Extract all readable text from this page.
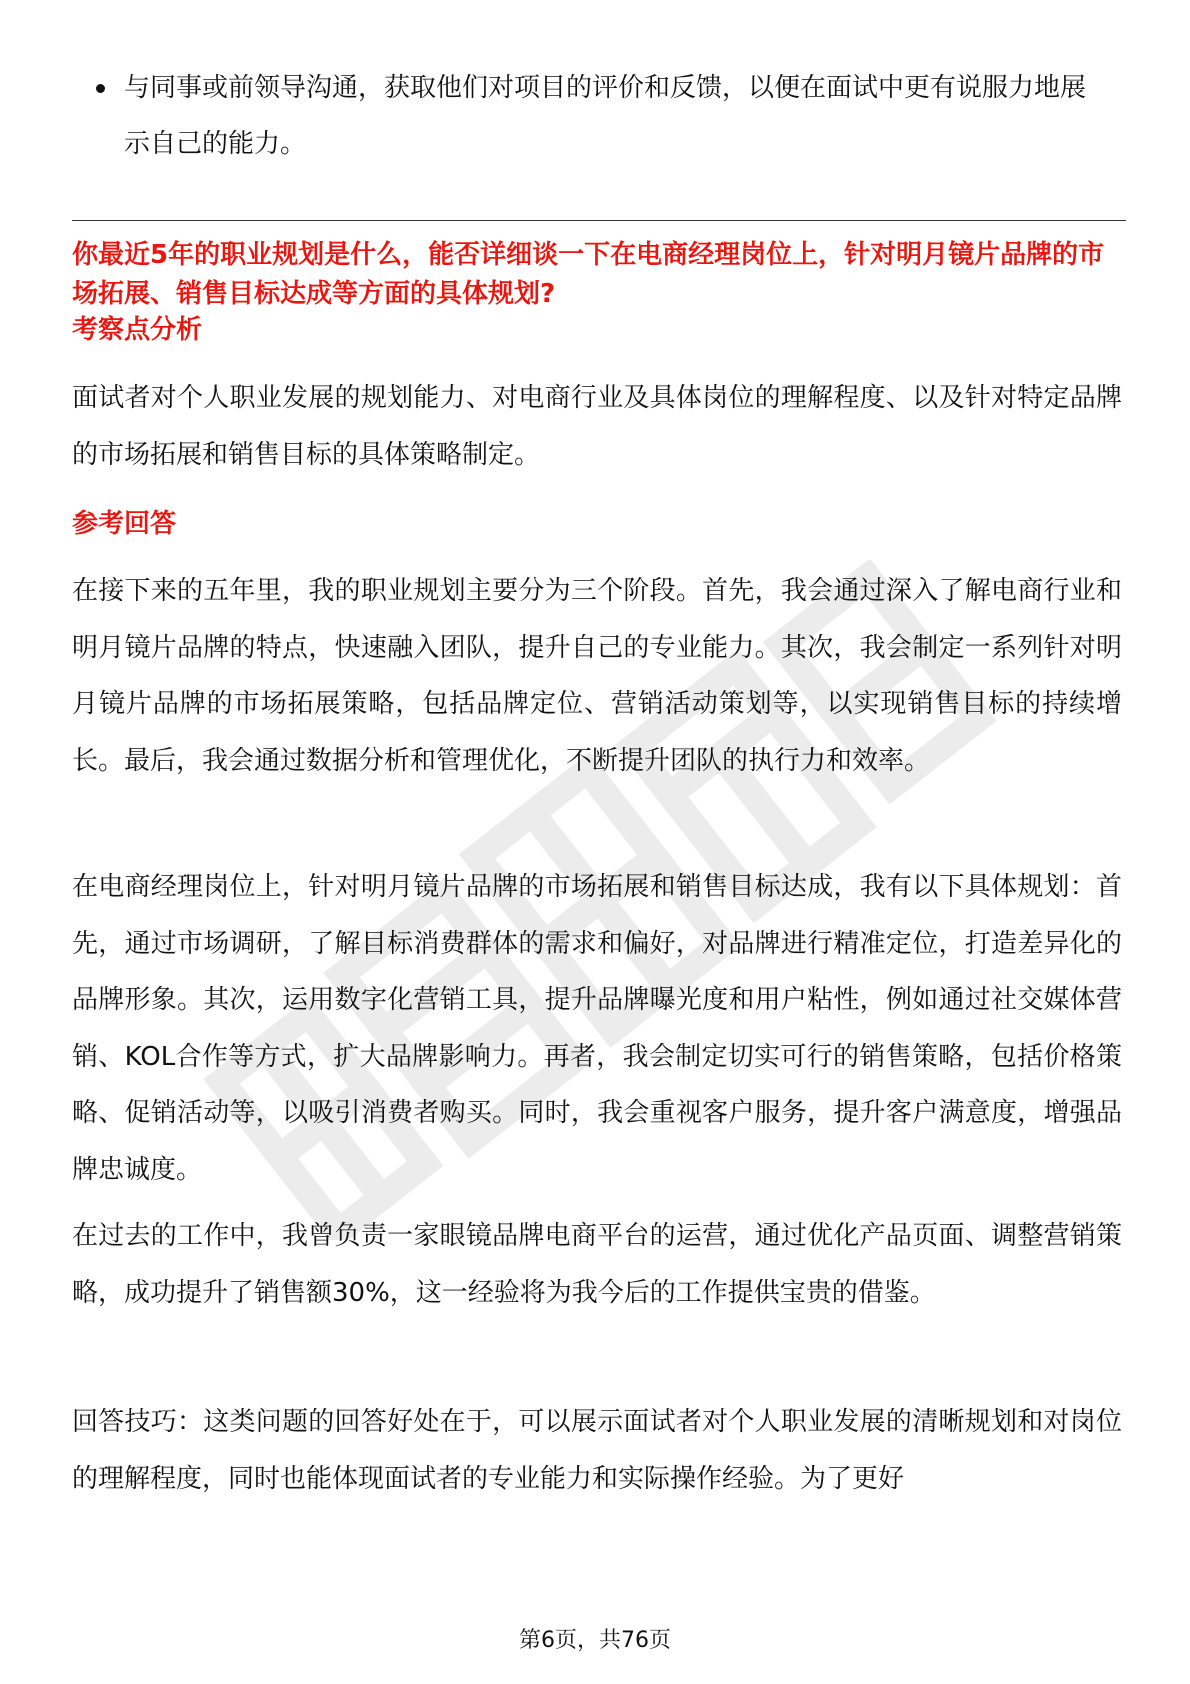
与同事或前领导沟通，获取他们对项目的评价和反馈，以便在面试中更有说服力地展示自己的能力。
你最近5年的职业规划是什么，能否详细谈一下在电商经理岗位上，针对明月镜片品牌的市场拓展、销售目标达成等方面的具体规划?
考察点分析
面试者对个人职业发展的规划能力、对电商行业及具体岗位的理解程度、以及针对特定品牌的市场拓展和销售目标的具体策略制定。
参考回答
在接下来的五年里，我的职业规划主要分为三个阶段。首先，我会通过深入了解电商行业和明月镜片品牌的特点，快速融入团队，提升自己的专业能力。其次，我会制定一系列针对明月镜片品牌的市场拓展策略，包括品牌定位、营销活动策划等，以实现销售目标的持续增长。最后，我会通过数据分析和管理优化，不断提升团队的执行力和效率。
在电商经理岗位上，针对明月镜片品牌的市场拓展和销售目标达成，我有以下具体规划：首先，通过市场调研，了解目标消费群体的需求和偏好，对品牌进行精准定位，打造差异化的品牌形象。其次，运用数字化营销工具，提升品牌曝光度和用户粘性，例如通过社交媒体营销、KOL合作等方式，扩大品牌影响力。再者，我会制定切实可行的销售策略，包括价格策略、促销活动等，以吸引消费者购买。同时，我会重视客户服务，提升客户满意度，增强品牌忠诚度。
在过去的工作中，我曾负责一家眼镜品牌电商平台的运营，通过优化产品页面、调整营销策略，成功提升了销售额30%，这一经验将为我今后的工作提供宝贵的借鉴。
回答技巧：这类问题的回答好处在于，可以展示面试者对个人职业发展的清晰规划和对岗位的理解程度，同时也能体现面试者的专业能力和实际操作经验。为了更好
第6页，共76页
